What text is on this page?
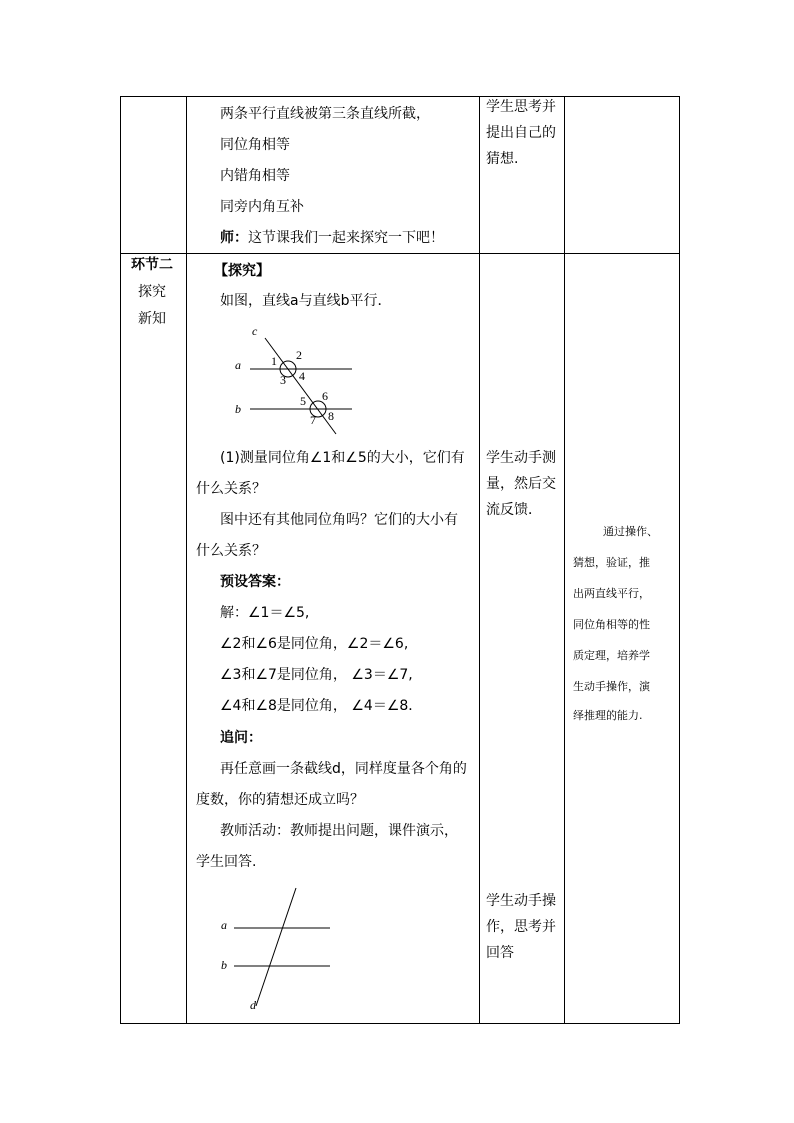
两条平行直线被第三条直线所截，
同位角相等
内错角相等
同旁内角互补
师：这节课我们一起来探究一下吧！
学生思考并
提出自己的
猜想.
环节二
探究
新知
【探究】
如图，直线a与直线b平行．
c
a
b
1 2
3 4
5 6
7 8
(1)测量同位角∠1和∠5的大小，它们有
什么关系？
图中还有其他同位角吗？它们的大小有
什么关系？
预设答案：
解：∠1＝∠5,
∠2和∠6是同位角，∠2＝∠6,
∠3和∠7是同位角， ∠3＝∠7,
∠4和∠8是同位角， ∠4＝∠8．
追问：
再任意画一条截线d，同样度量各个角的
度数，你的猜想还成立吗？
教师活动：教师提出问题，课件演示，
学生回答.
a
b
d
学生动手测
量，然后交
流反馈．
学生动手操
作，思考并
回答
通过操作、
猜想，验证，推
出两直线平行，
同位角相等的性
质定理，培养学
生动手操作，演
绎推理的能力.
